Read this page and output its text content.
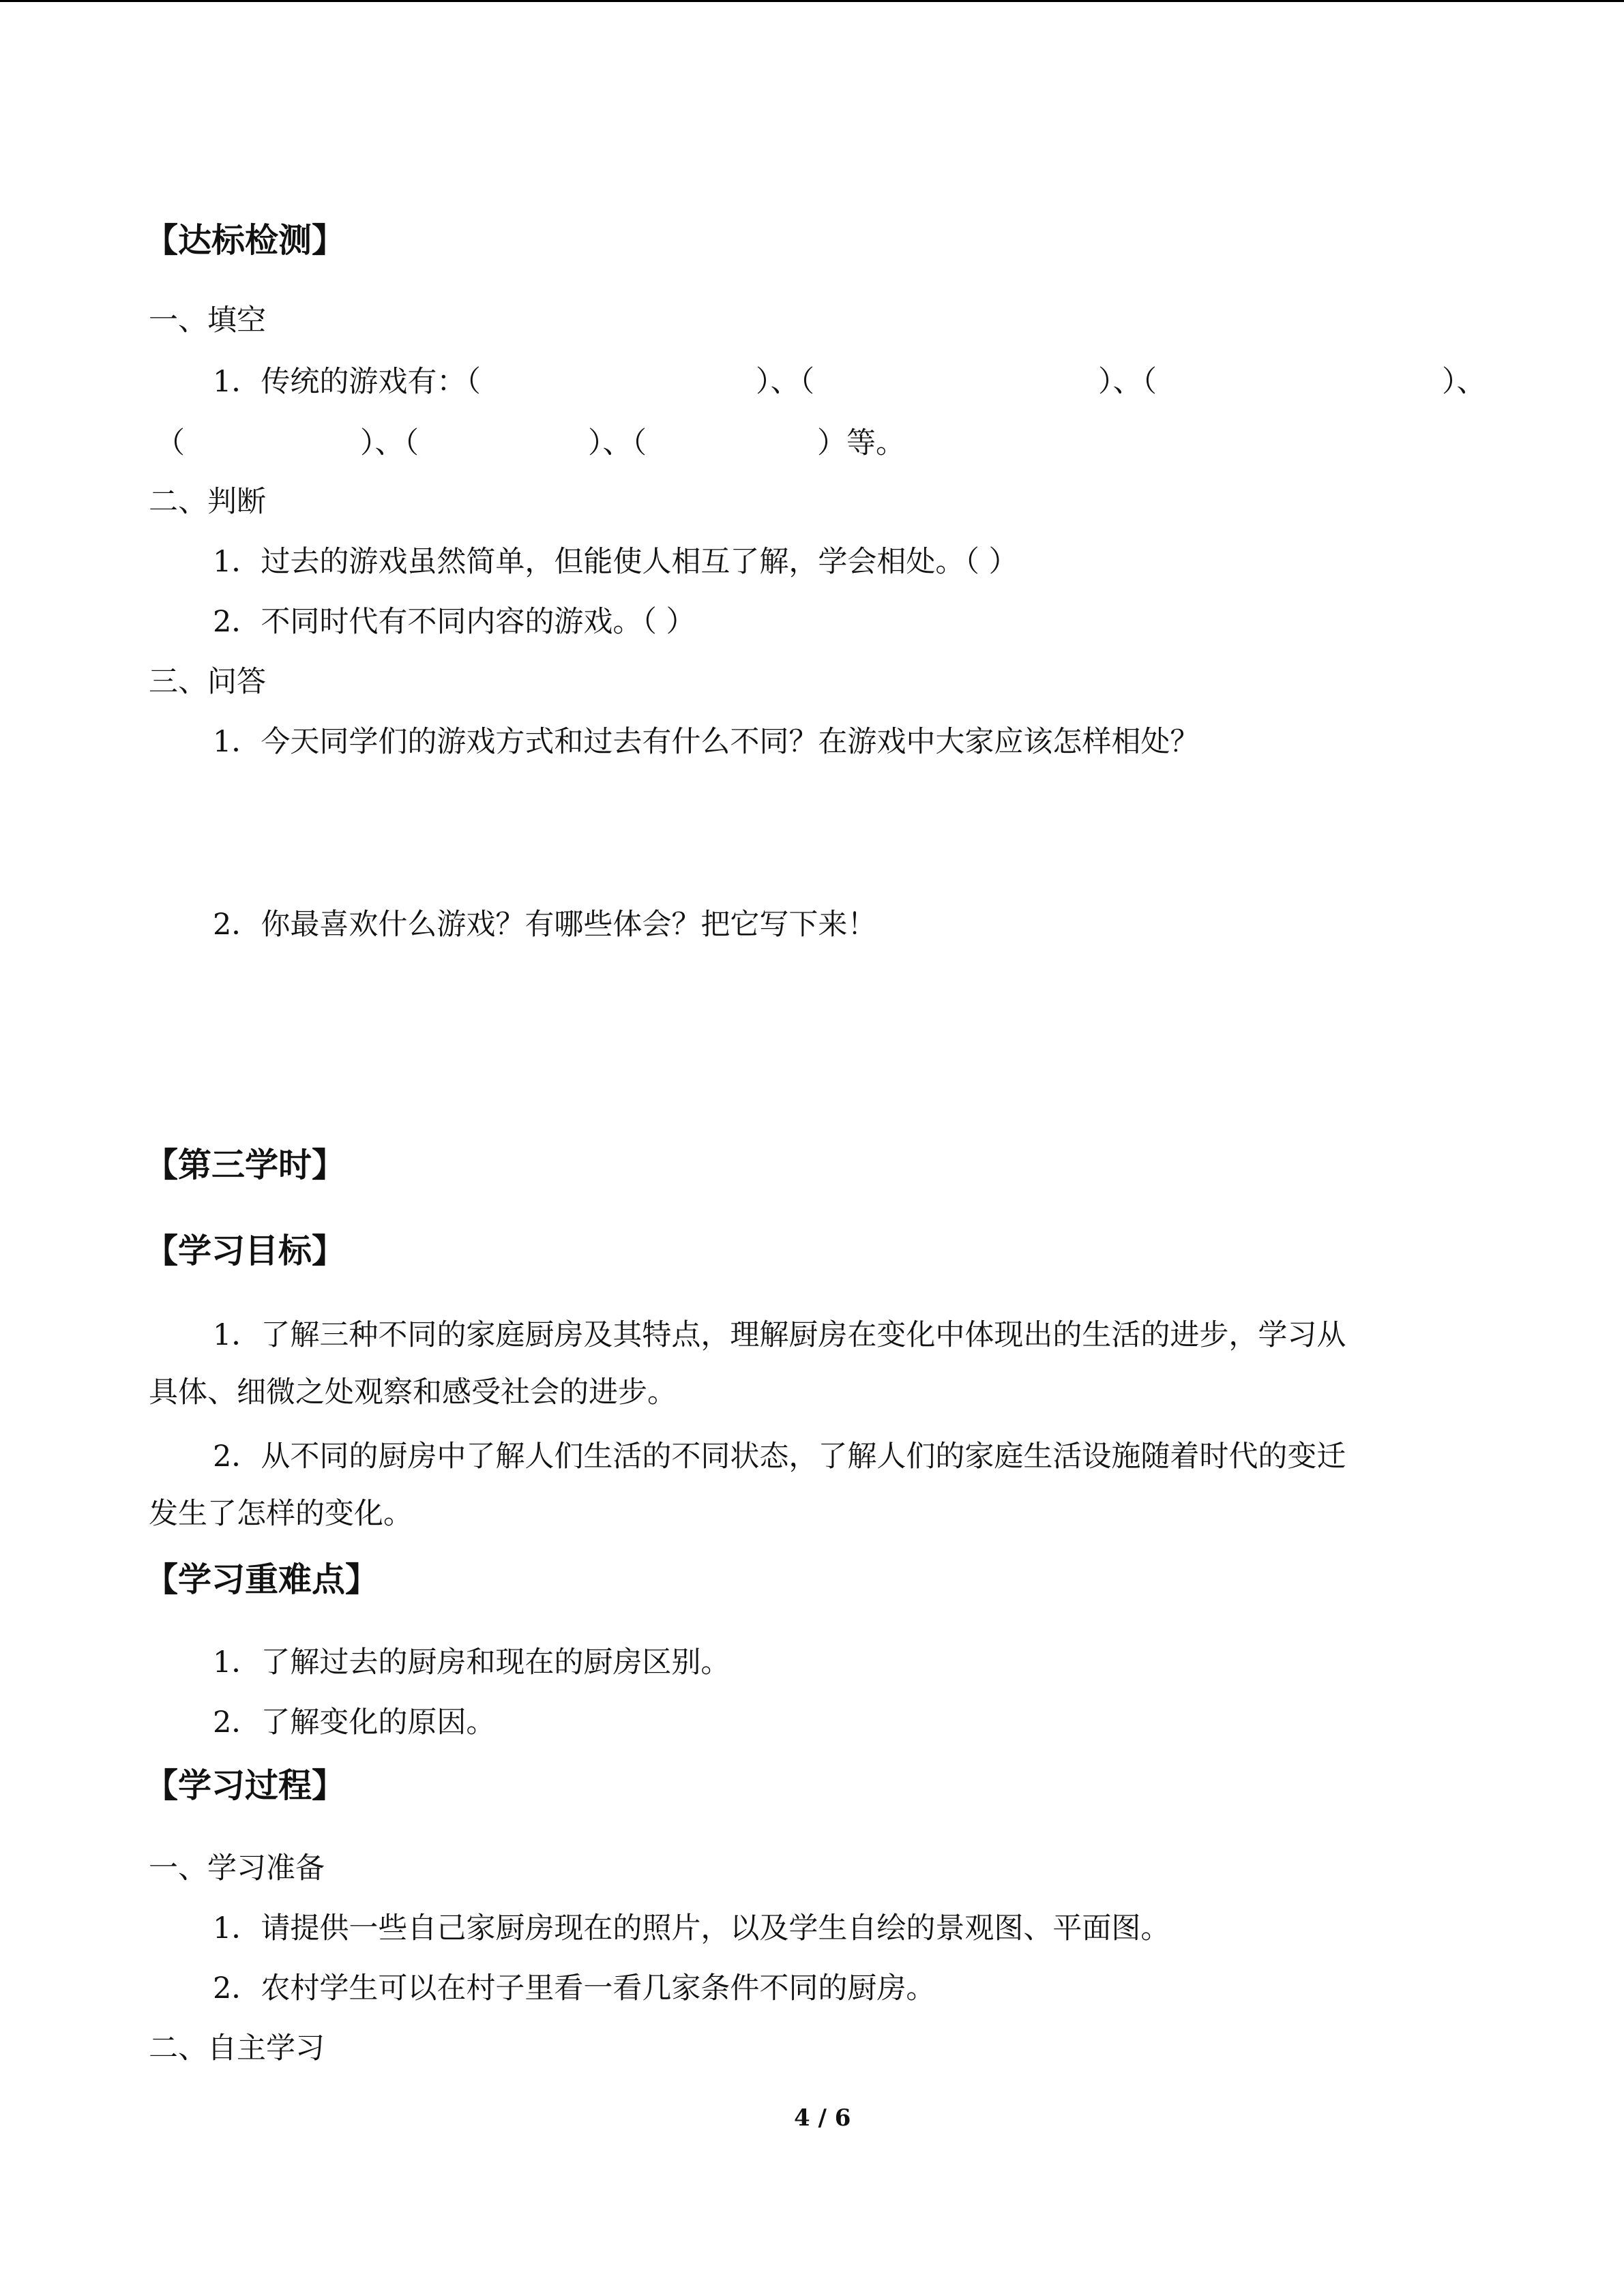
【达标检测】
一、填空
1．传统的游戏有：（	）、（	）、（	）、
（	）、（	）、（	）等。
二、判断
1．过去的游戏虽然简单，但能使人相互了解，学会相处。（ ）
2．不同时代有不同内容的游戏。（ ）
三、问答
1．今天同学们的游戏方式和过去有什么不同？在游戏中大家应该怎样相处？
2．你最喜欢什么游戏？有哪些体会？把它写下来！
【第三学时】
【学习目标】
1．了解三种不同的家庭厨房及其特点，理解厨房在变化中体现出的生活的进步，学习从
具体、细微之处观察和感受社会的进步。
2．从不同的厨房中了解人们生活的不同状态，了解人们的家庭生活设施随着时代的变迁
发生了怎样的变化。
【学习重难点】
1．了解过去的厨房和现在的厨房区别。
2．了解变化的原因。
【学习过程】
一、学习准备
1．请提供一些自己家厨房现在的照片，以及学生自绘的景观图、平面图。
2．农村学生可以在村子里看一看几家条件不同的厨房。
二、自主学习
4 / 6
